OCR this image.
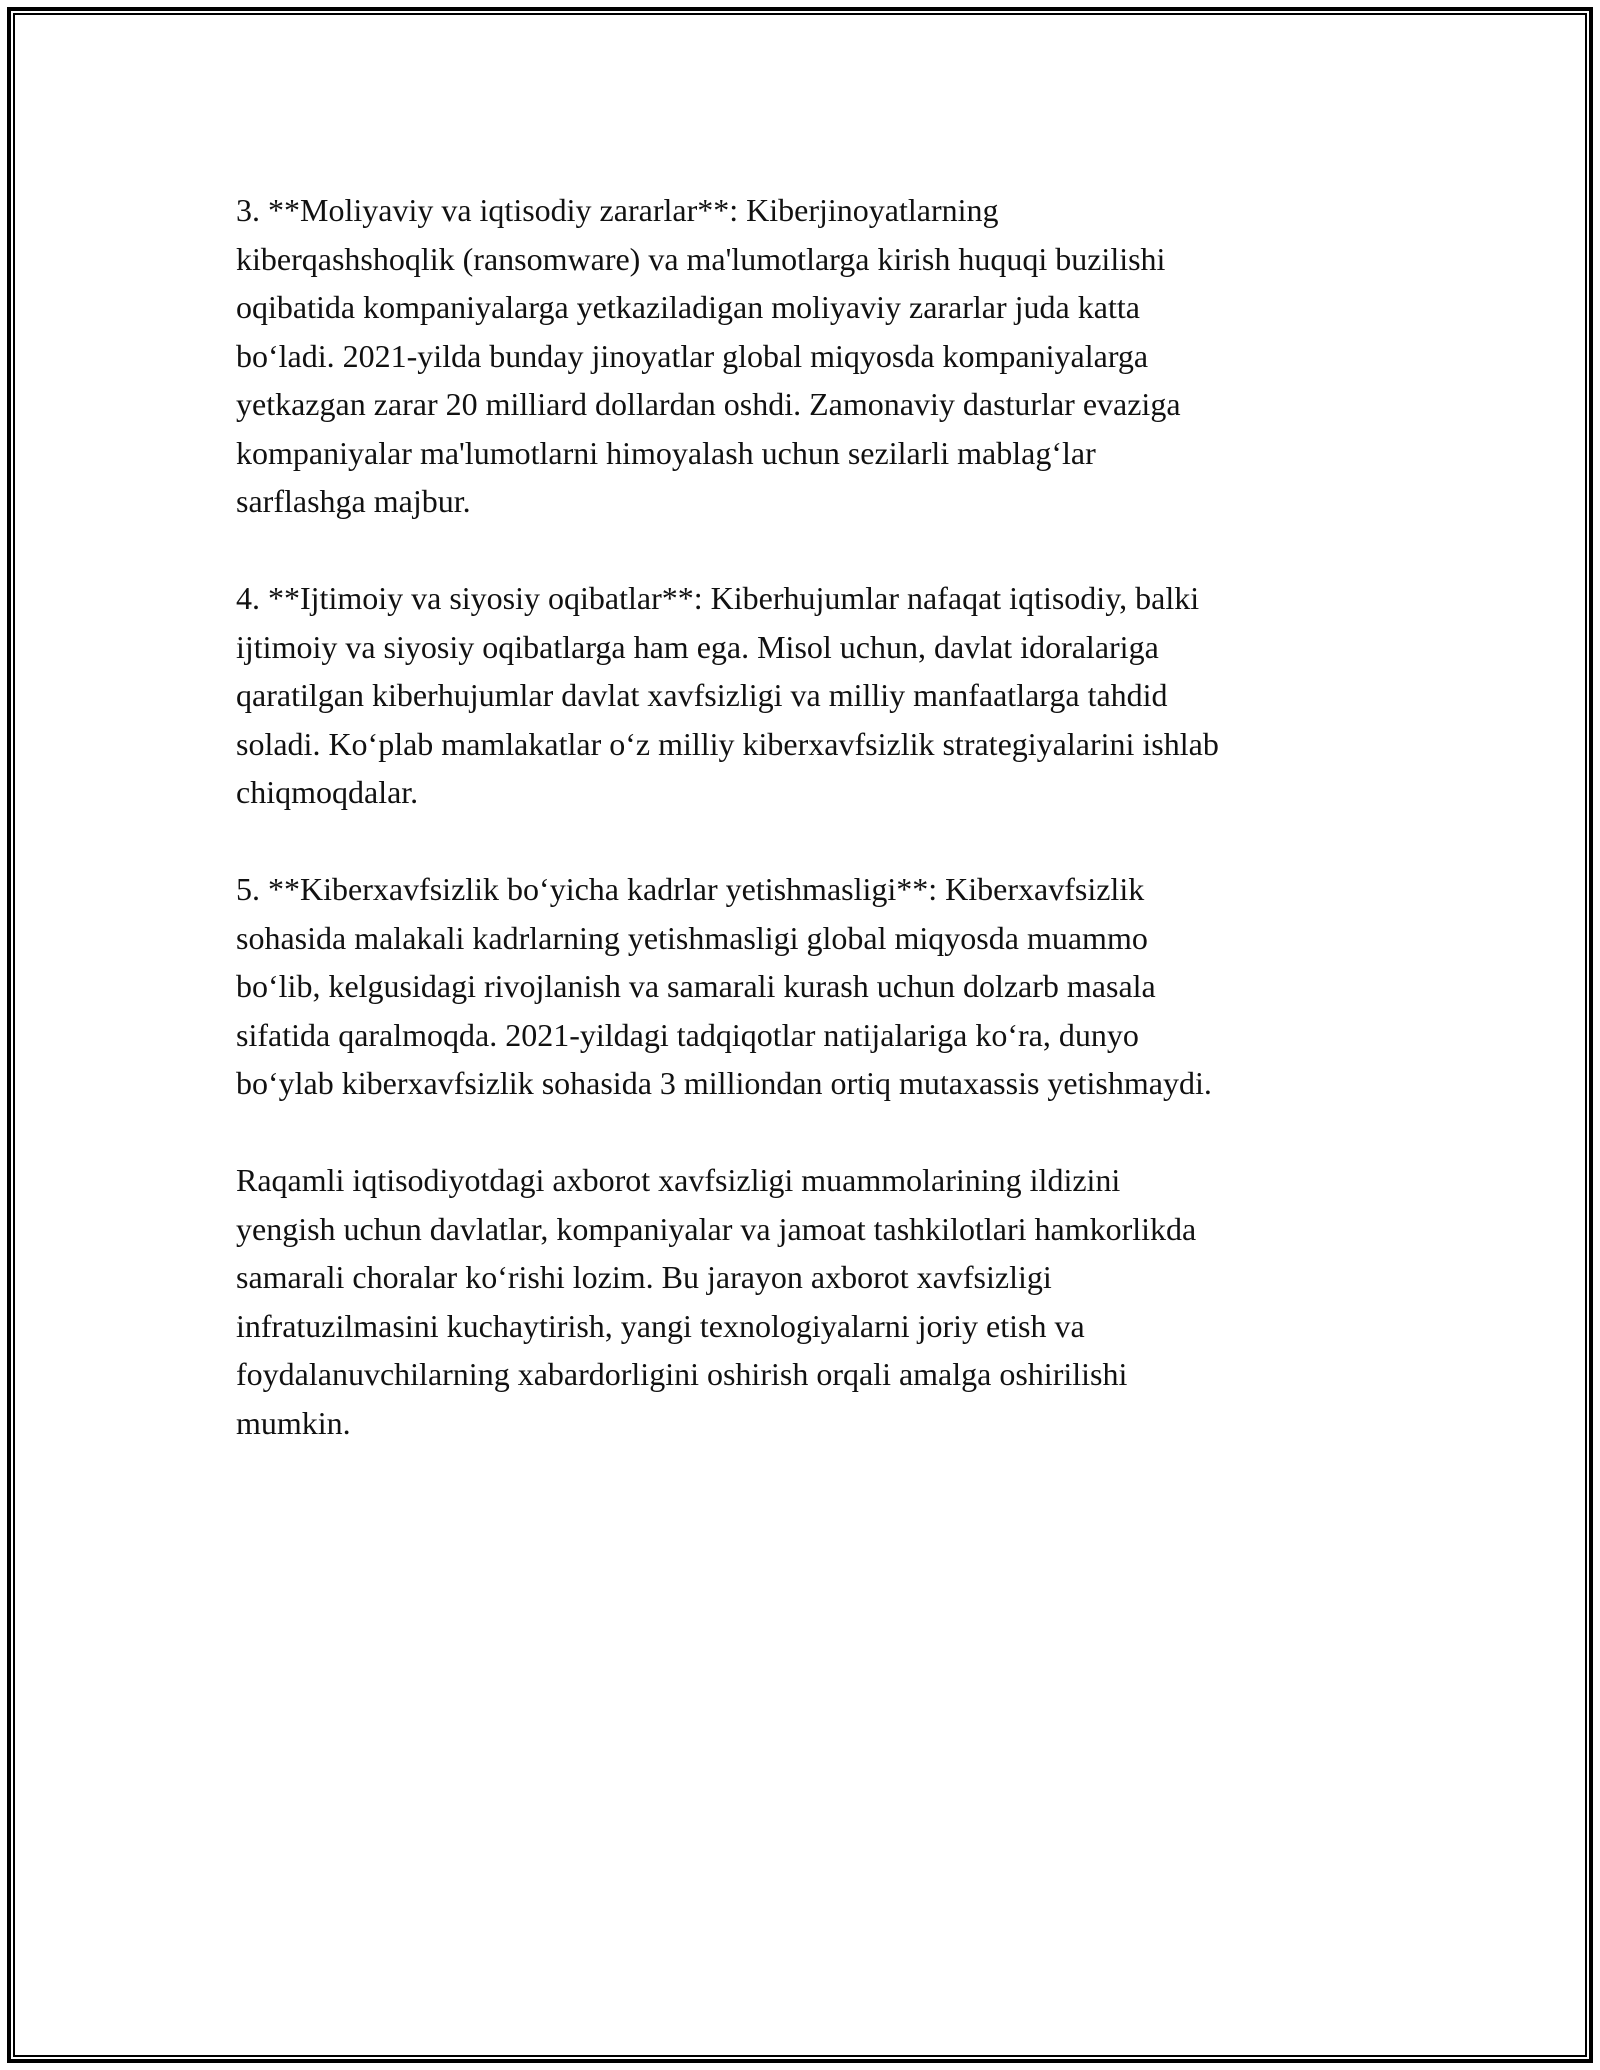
3. **Moliyaviy va iqtisodiy zararlar**: Kiberjinoyatlarning
kiberqashshoqlik (ransomware) va ma'lumotlarga kirish huquqi buzilishi
oqibatida kompaniyalarga yetkaziladigan moliyaviy zararlar juda katta
bo‘ladi. 2021-yilda bunday jinoyatlar global miqyosda kompaniyalarga
yetkazgan zarar 20 milliard dollardan oshdi. Zamonaviy dasturlar evaziga
kompaniyalar ma'lumotlarni himoyalash uchun sezilarli mablag‘lar
sarflashga majbur.

4. **Ijtimoiy va siyosiy oqibatlar**: Kiberhujumlar nafaqat iqtisodiy, balki
ijtimoiy va siyosiy oqibatlarga ham ega. Misol uchun, davlat idoralariga
qaratilgan kiberhujumlar davlat xavfsizligi va milliy manfaatlarga tahdid
soladi. Ko‘plab mamlakatlar o‘z milliy kiberxavfsizlik strategiyalarini ishlab
chiqmoqdalar.

5. **Kiberxavfsizlik bo‘yicha kadrlar yetishmasligi**: Kiberxavfsizlik
sohasida malakali kadrlarning yetishmasligi global miqyosda muammo
bo‘lib, kelgusidagi rivojlanish va samarali kurash uchun dolzarb masala
sifatida qaralmoqda. 2021-yildagi tadqiqotlar natijalariga ko‘ra, dunyo
bo‘ylab kiberxavfsizlik sohasida 3 milliondan ortiq mutaxassis yetishmaydi.

Raqamli iqtisodiyotdagi axborot xavfsizligi muammolarining ildizini
yengish uchun davlatlar, kompaniyalar va jamoat tashkilotlari hamkorlikda
samarali choralar ko‘rishi lozim. Bu jarayon axborot xavfsizligi
infratuzilmasini kuchaytirish, yangi texnologiyalarni joriy etish va
foydalanuvchilarning xabardorligini oshirish orqali amalga oshirilishi
mumkin.
